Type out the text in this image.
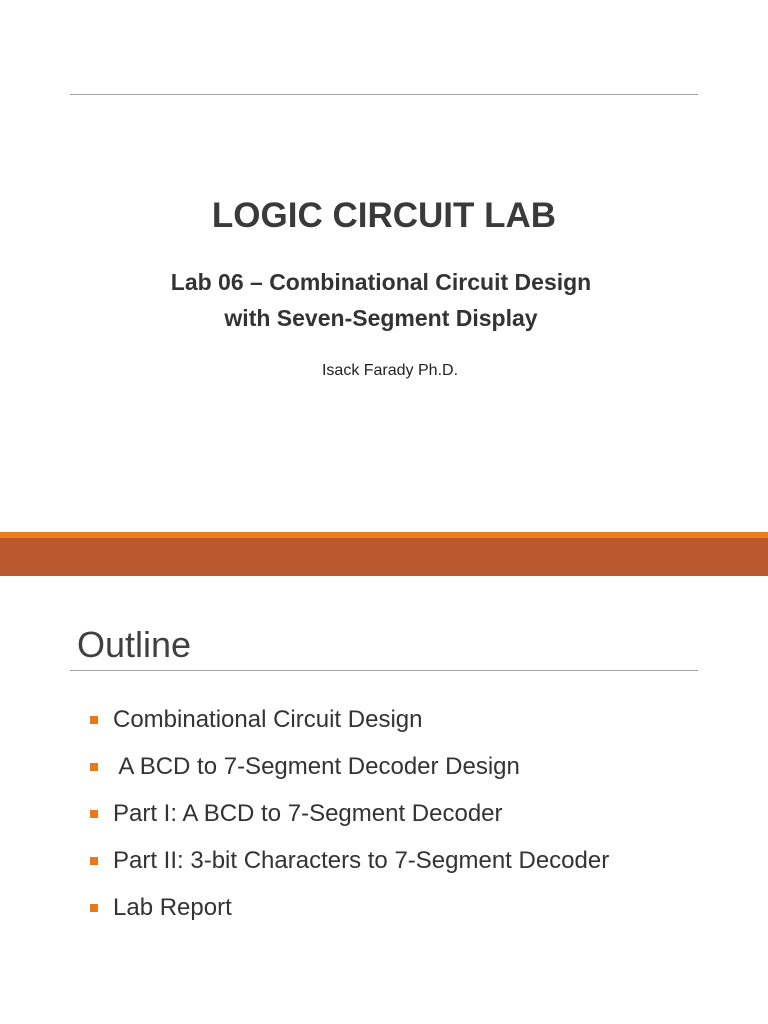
LOGIC CIRCUIT LAB
Lab 06 – Combinational Circuit Design
with Seven-Segment Display
Isack Farady Ph.D.
Outline

Combinational Circuit Design

A BCD to 7-Segment Decoder Design

Part I: A BCD to 7-Segment Decoder

Part II: 3-bit Characters to 7-Segment Decoder

Lab Report
